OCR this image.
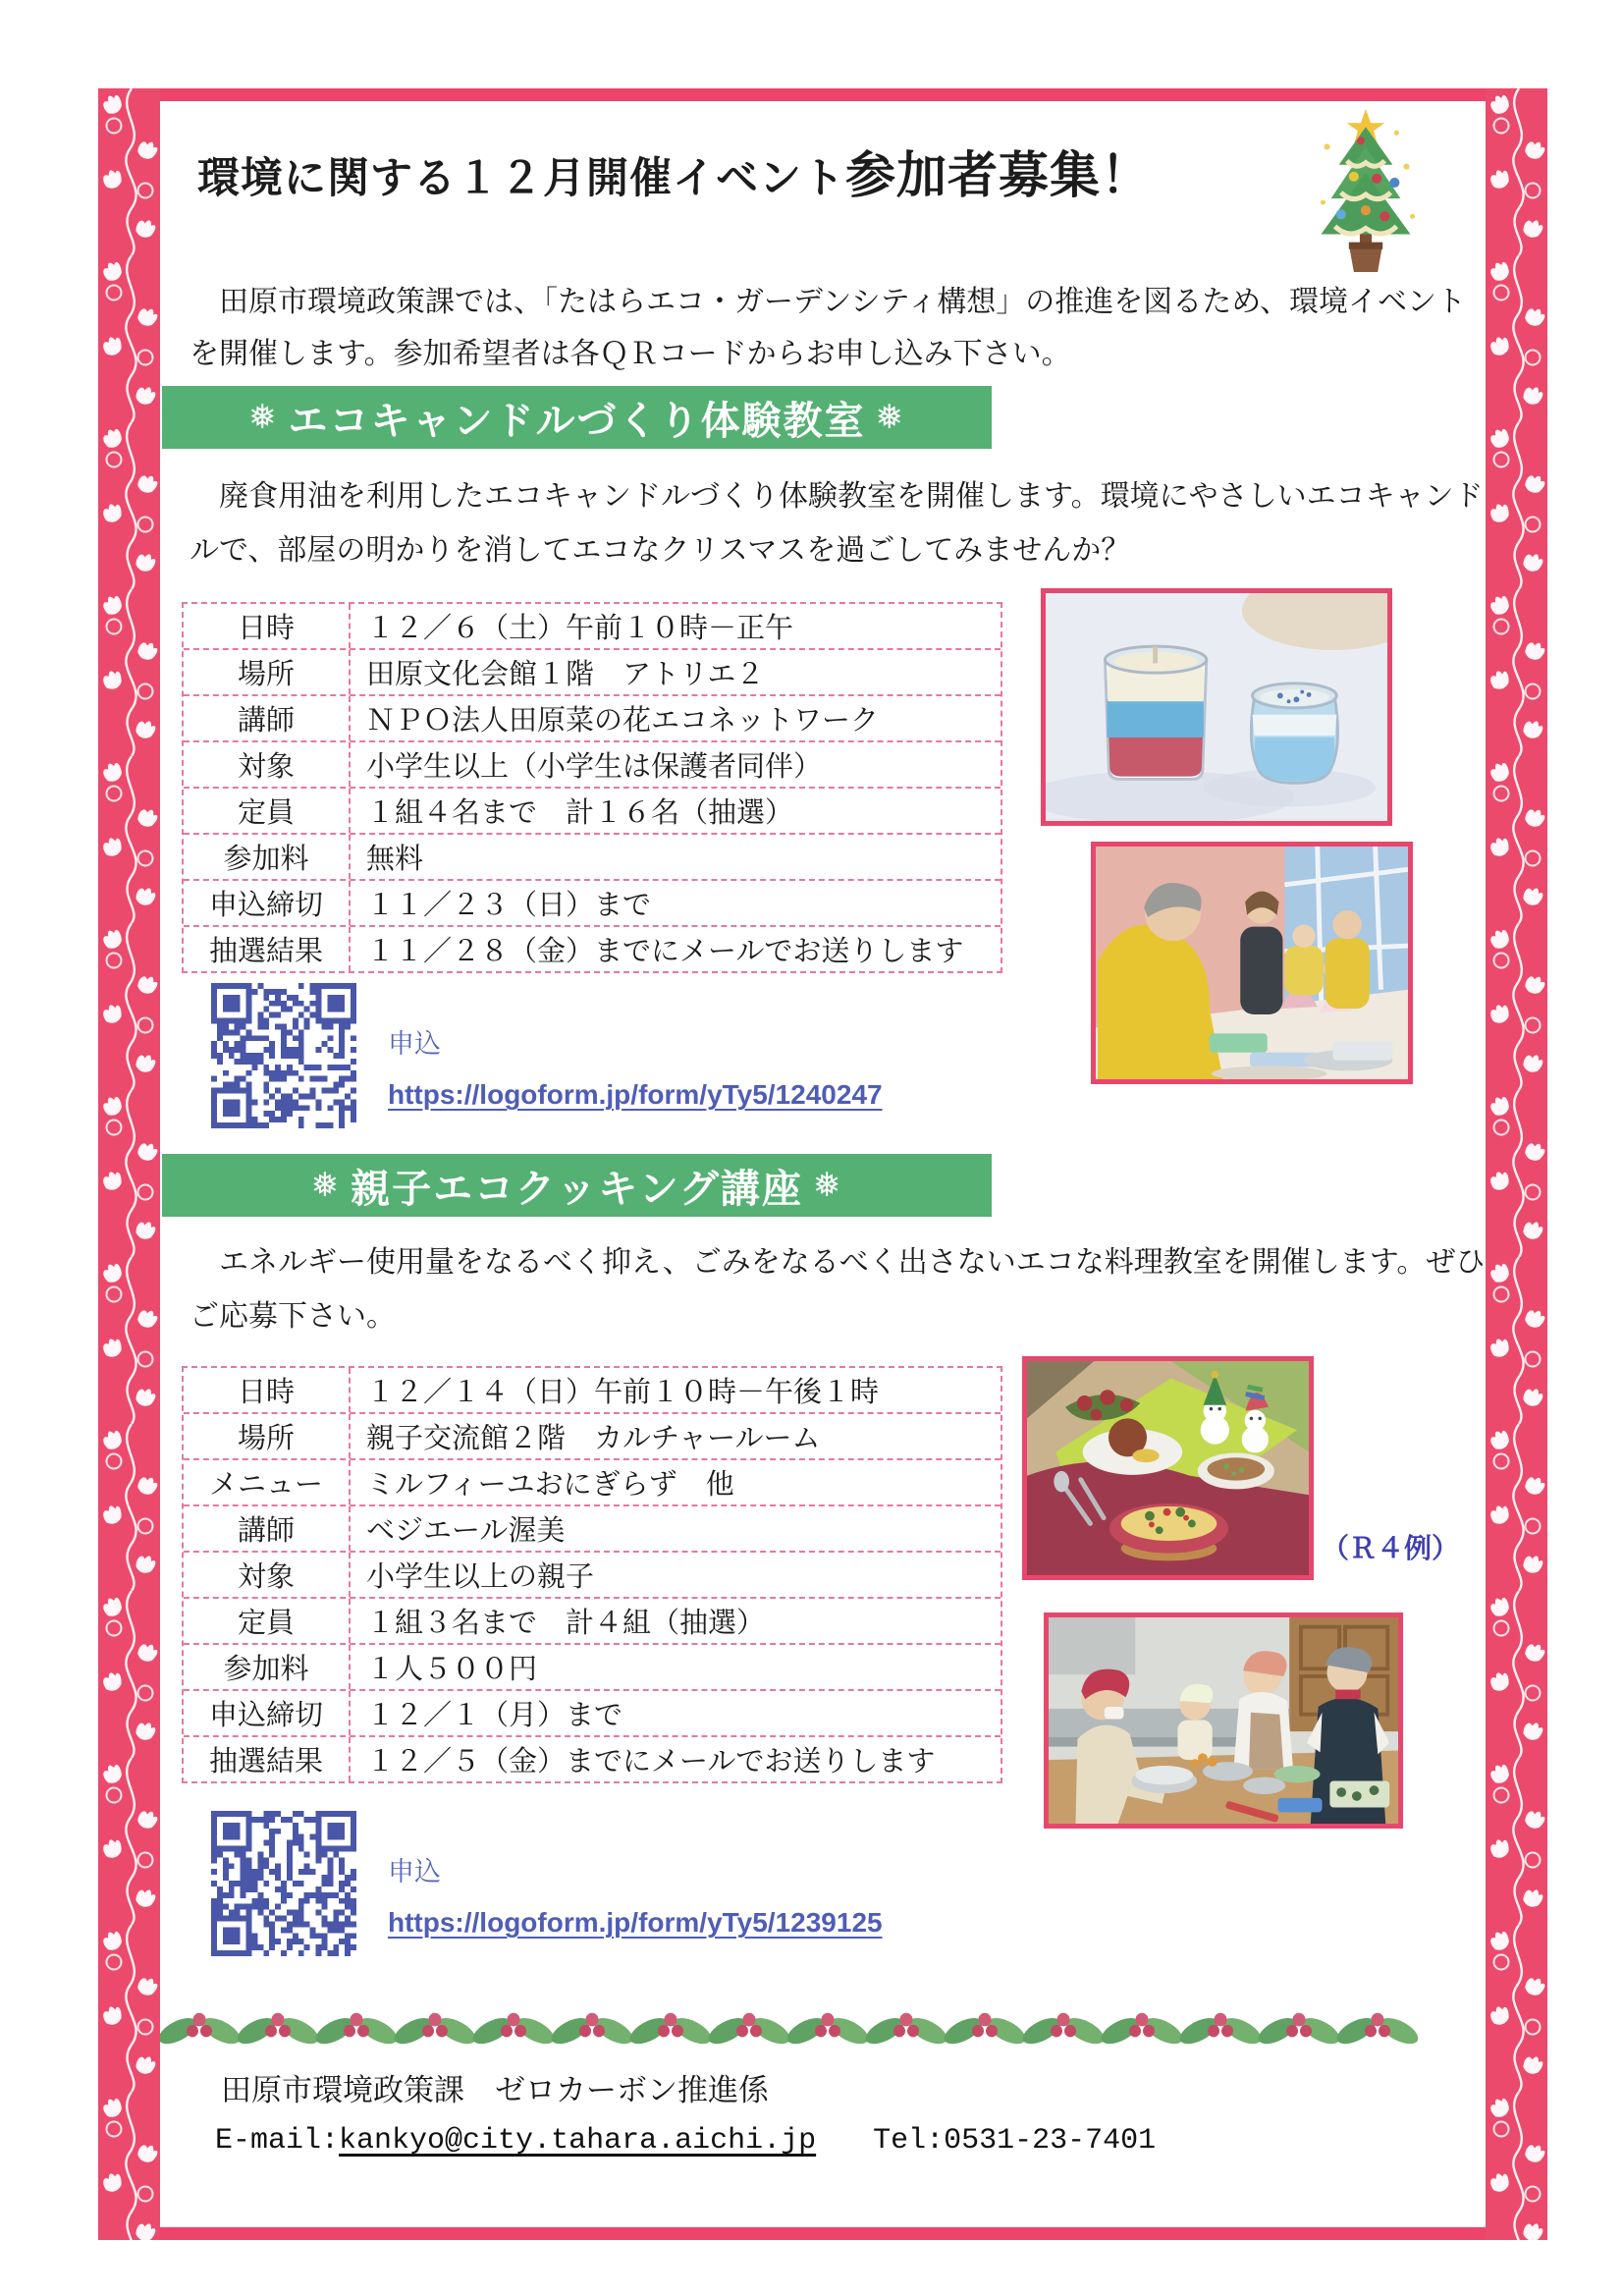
環境に関する１２月開催イベント参加者募集！

　田原市環境政策課では、「たはらエコ・ガーデンシティ構想」の推進を図るため、環境イベントを開催します。参加希望者は各ＱＲコードからお申し込み下さい。

❅ エコキャンドルづくり体験教室 ❅

　廃食用油を利用したエコキャンドルづくり体験教室を開催します。環境にやさしいエコキャンドルで、部屋の明かりを消してエコなクリスマスを過ごしてみませんか？

日時	１２／６（土）午前１０時－正午
場所	田原文化会館１階　アトリエ２
講師	ＮＰＯ法人田原菜の花エコネットワーク
対象	小学生以上（小学生は保護者同伴）
定員	１組４名まで　計１６名（抽選）
参加料	無料
申込締切	１１／２３（日）まで
抽選結果	１１／２８（金）までにメールでお送りします
申込
https://logoform.jp/form/yTy5/1240247
❅ 親子エコクッキング講座 ❅

　エネルギー使用量をなるべく抑え、ごみをなるべく出さないエコな料理教室を開催します。ぜひご応募下さい。

日時	１２／１４（日）午前１０時－午後１時
場所	親子交流館２階　カルチャールーム
メニュー	ミルフィーユおにぎらず　他
講師	ベジエール渥美
対象	小学生以上の親子
定員	１組３名まで　計４組（抽選）
参加料	１人５００円
申込締切	１２／１（月）まで
抽選結果	１２／５（金）までにメールでお送りします
申込
https://logoform.jp/form/yTy5/1239125
（Ｒ４例）
田原市環境政策課　ゼロカーボン推進係
E-mail:kankyo@city.tahara.aichi.jp Tel:0531-23-7401
